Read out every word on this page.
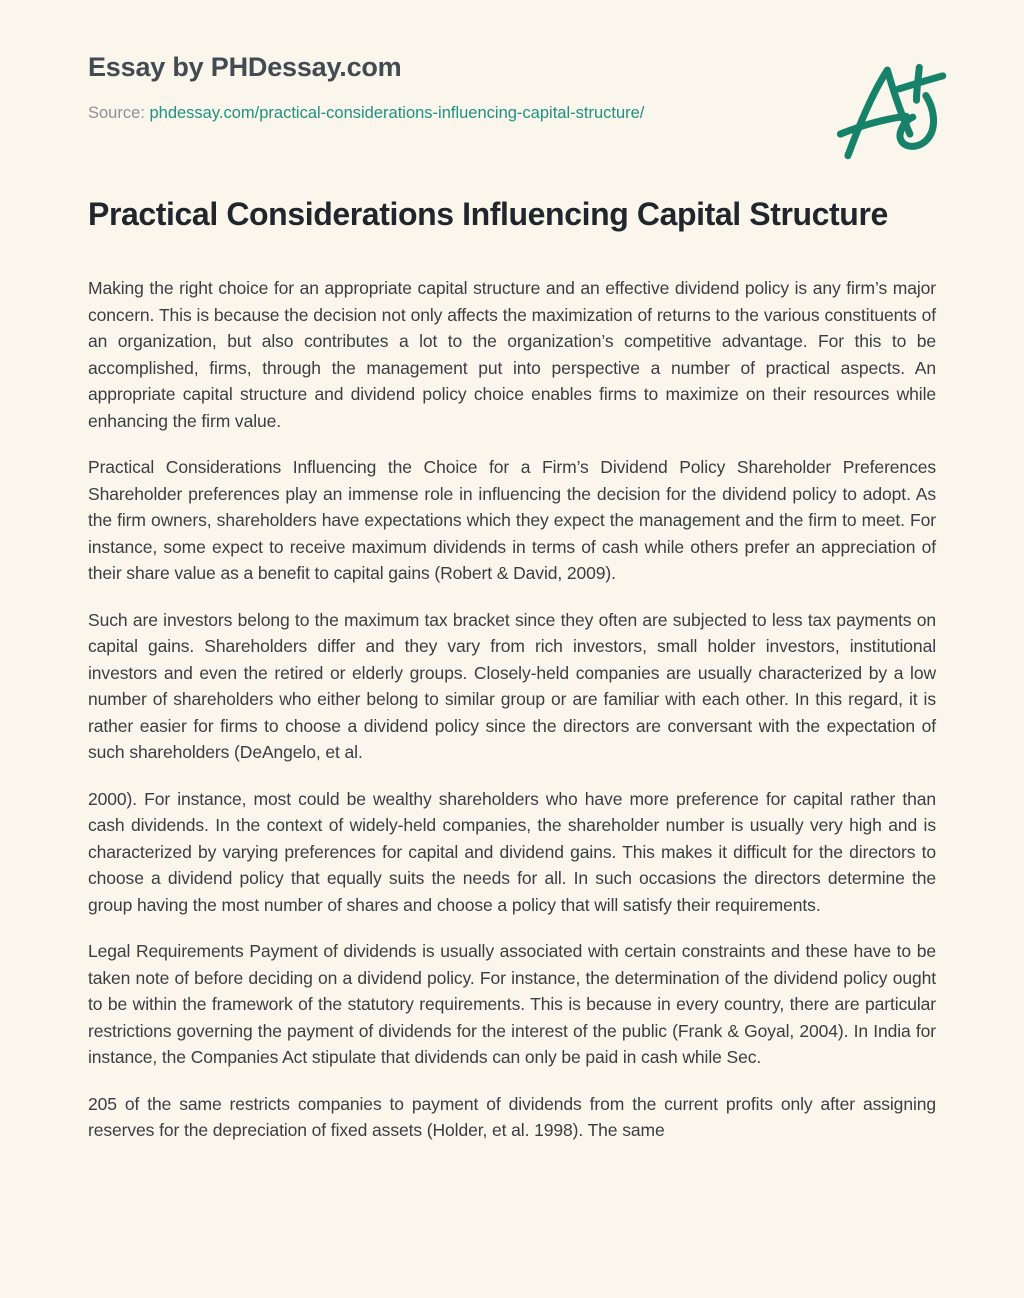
Essay by PHDessay.com
Source: phdessay.com/practical-considerations-influencing-capital-structure/
Practical Considerations Influencing Capital Structure

Making the right choice for an appropriate capital structure and an effective dividend policy is any firm’s major concern. This is because the decision not only affects the maximization of returns to the various constituents of an organization, but also contributes a lot to the organization’s competitive advantage. For this to be accomplished, firms, through the management put into perspective a number of practical aspects. An appropriate capital structure and dividend policy choice enables firms to maximize on their resources while enhancing the firm value.

Practical Considerations Influencing the Choice for a Firm’s Dividend Policy Shareholder Preferences Shareholder preferences play an immense role in influencing the decision for the dividend policy to adopt. As the firm owners, shareholders have expectations which they expect the management and the firm to meet. For instance, some expect to receive maximum dividends in terms of cash while others prefer an appreciation of their share value as a benefit to capital gains (Robert & David, 2009).

Such are investors belong to the maximum tax bracket since they often are subjected to less tax payments on capital gains. Shareholders differ and they vary from rich investors, small holder investors, institutional investors and even the retired or elderly groups. Closely-held companies are usually characterized by a low number of shareholders who either belong to similar group or are familiar with each other. In this regard, it is rather easier for firms to choose a dividend policy since the directors are conversant with the expectation of such shareholders (DeAngelo, et al.

2000). For instance, most could be wealthy shareholders who have more preference for capital rather than cash dividends. In the context of widely-held companies, the shareholder number is usually very high and is characterized by varying preferences for capital and dividend gains. This makes it difficult for the directors to choose a dividend policy that equally suits the needs for all. In such occasions the directors determine the group having the most number of shares and choose a policy that will satisfy their requirements.

Legal Requirements Payment of dividends is usually associated with certain constraints and these have to be taken note of before deciding on a dividend policy. For instance, the determination of the dividend policy ought to be within the framework of the statutory requirements. This is because in every country, there are particular restrictions governing the payment of dividends for the interest of the public (Frank & Goyal, 2004). In India for instance, the Companies Act stipulate that dividends can only be paid in cash while Sec.

205 of the same restricts companies to payment of dividends from the current profits only after assigning reserves for the depreciation of fixed assets (Holder, et al. 1998). The same
